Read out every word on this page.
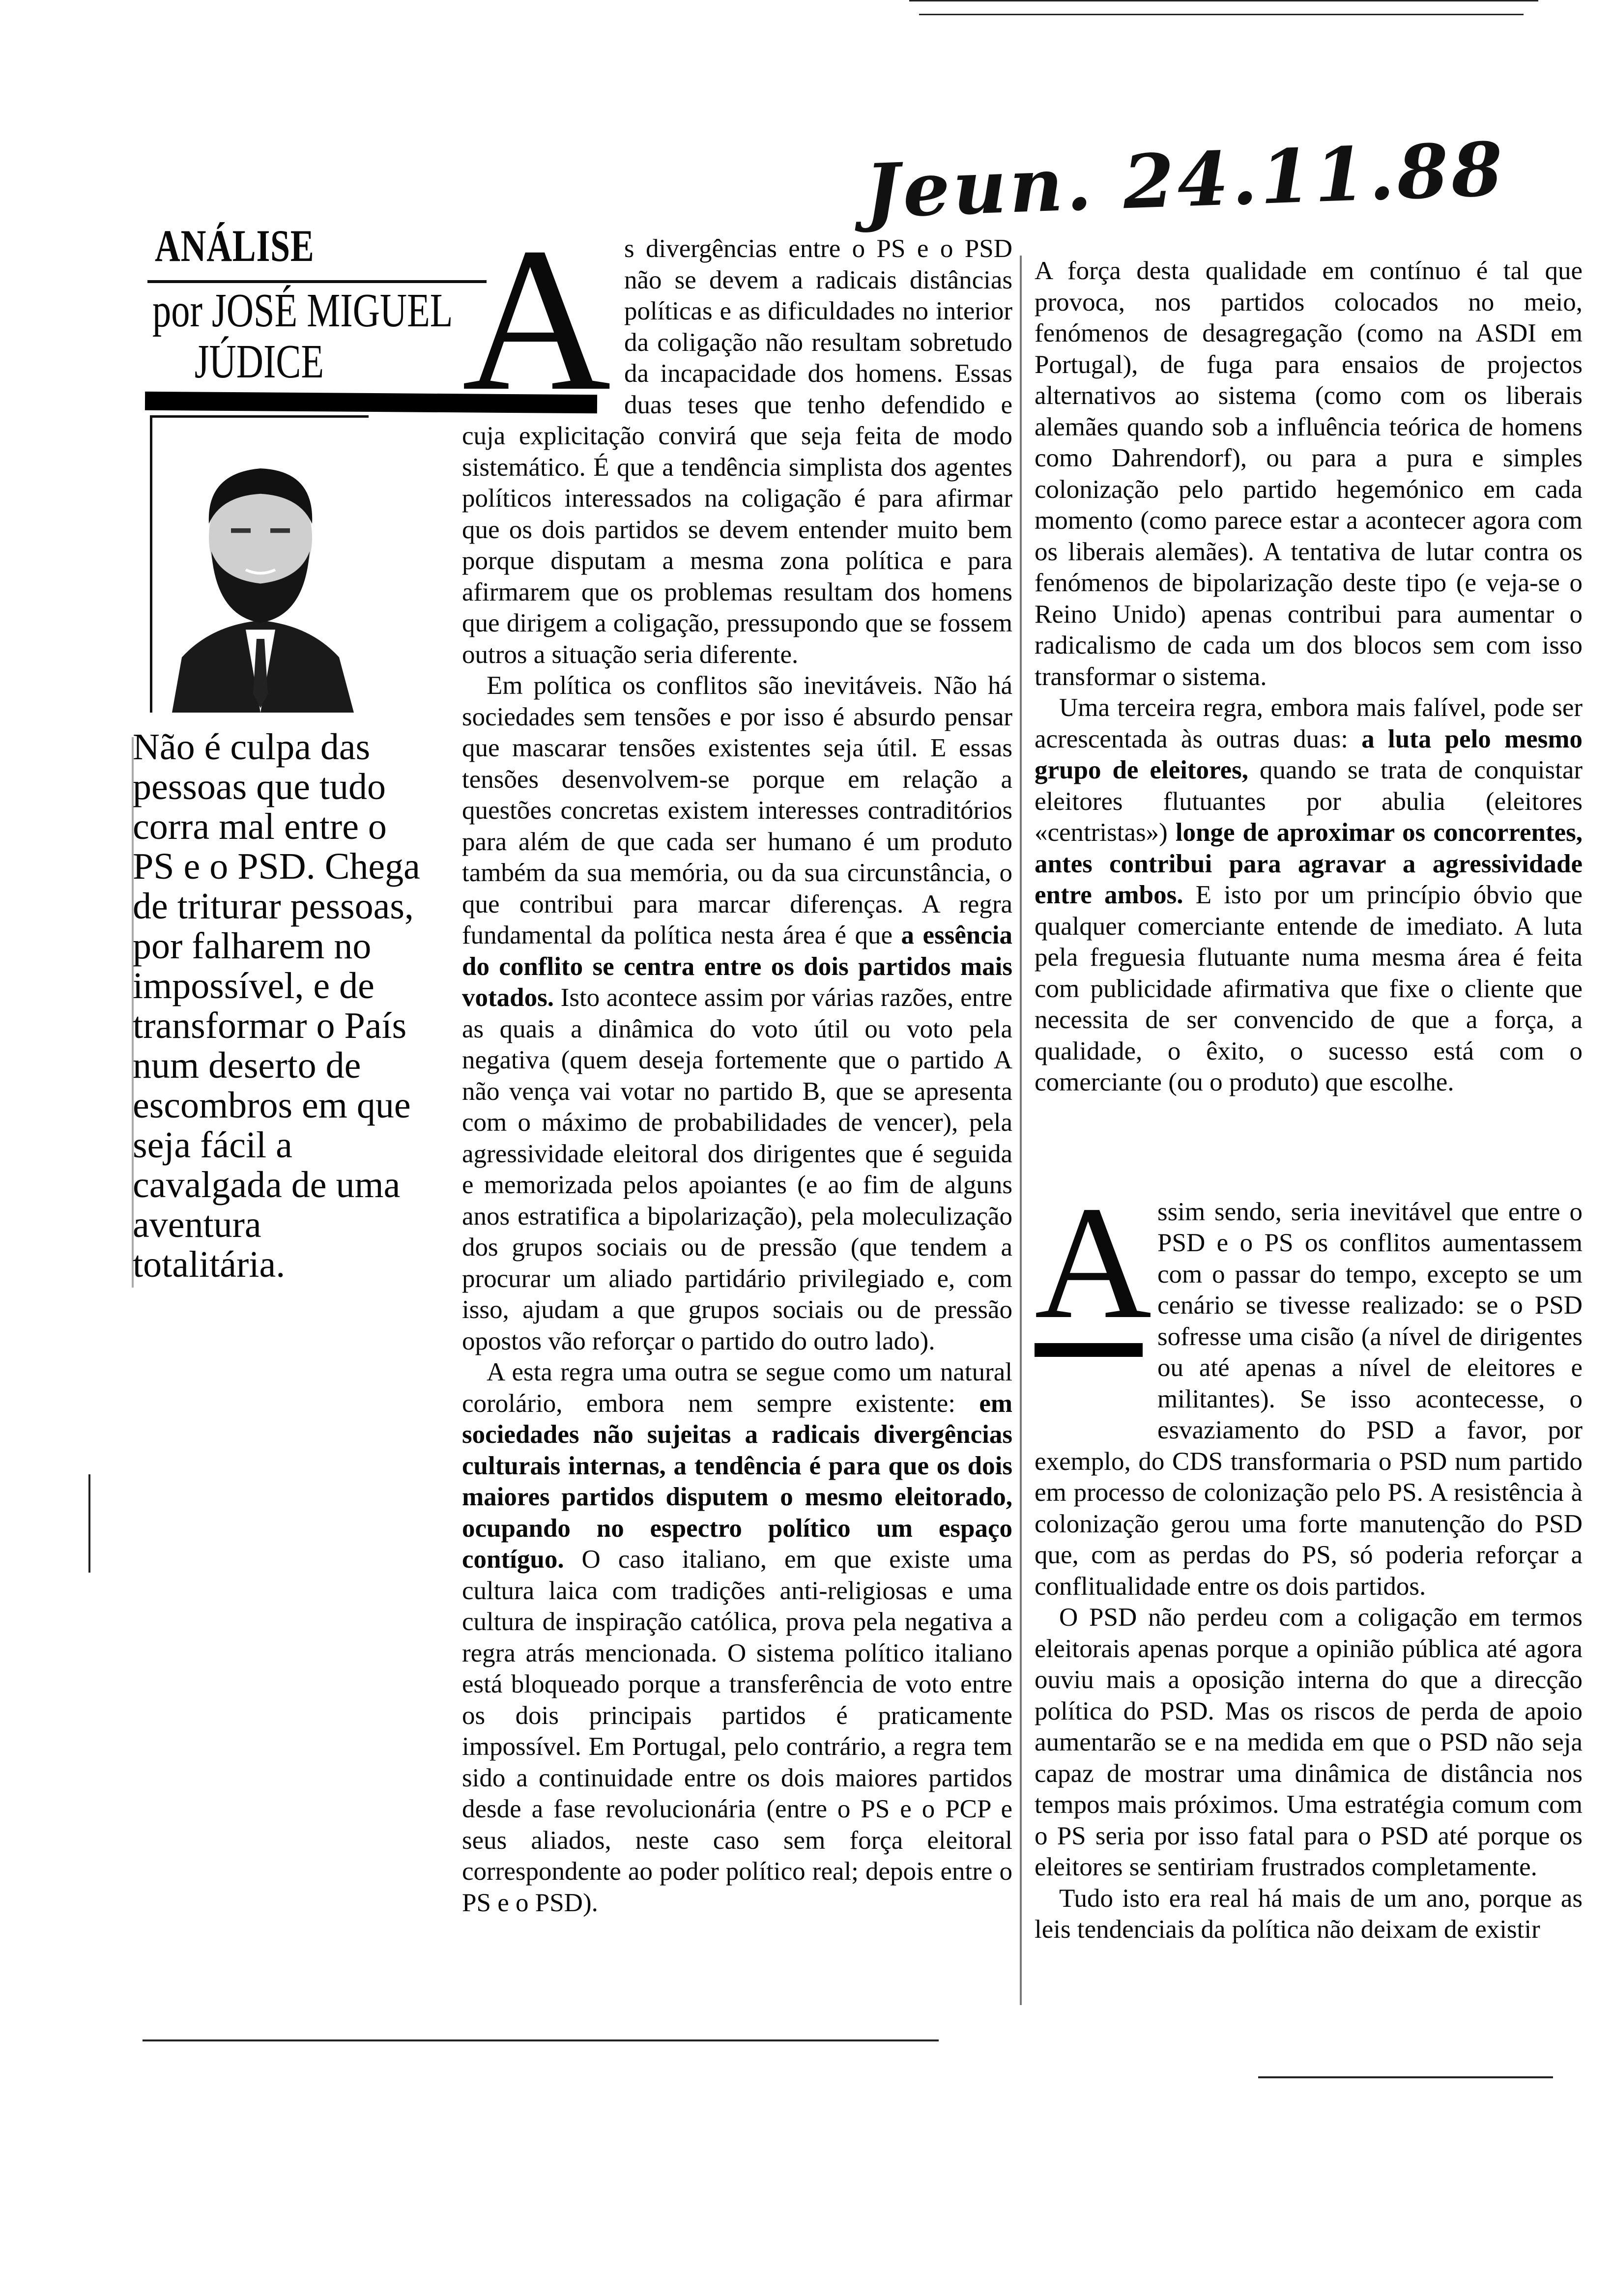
Jeun. 24.11.88
ANÁLISE
por JOSÉ MIGUEL
JÚDICE
Não é culpa das
pessoas que tudo
corra mal entre o
PS e o PSD. Chega
de triturar pessoas,
por falharem no
impossível, e de
transformar o País
num deserto de
escombros em que
seja fácil a
cavalgada de uma
aventura
totalitária.
A s divergências entre o PS e o PSD não se devem a radicais distâncias políticas e as dificuldades no interior da coligação não resultam sobretudo da incapacidade dos homens. Essas duas teses que tenho defendido e cuja explicitação convirá que seja feita de modo sistemático. É que a tendência simplista dos agentes políticos interessados na coligação é para afirmar que os dois partidos se devem entender muito bem porque disputam a mesma zona política e para afirmarem que os problemas resultam dos homens que dirigem a coligação, pressupondo que se fossem outros a situação seria diferente.

Em política os conflitos são inevitáveis. Não há sociedades sem tensões e por isso é absurdo pensar que mascarar tensões existentes seja útil. E essas tensões desenvolvem-se porque em relação a questões concretas existem interesses contraditórios para além de que cada ser humano é um produto também da sua memória, ou da sua circunstância, o que contribui para marcar diferenças. A regra fundamental da política nesta área é que a essência do conflito se centra entre os dois partidos mais votados. Isto acontece assim por várias razões, entre as quais a dinâmica do voto útil ou voto pela negativa (quem deseja fortemente que o partido A não vença vai votar no partido B, que se apresenta com o máximo de probabilidades de vencer), pela agressividade eleitoral dos dirigentes que é seguida e memorizada pelos apoiantes (e ao fim de alguns anos estratifica a bipolarização), pela moleculização dos grupos sociais ou de pressão (que tendem a procurar um aliado partidário privilegiado e, com isso, ajudam a que grupos sociais ou de pressão opostos vão reforçar o partido do outro lado).

A esta regra uma outra se segue como um natural corolário, embora nem sempre existente: em sociedades não sujeitas a radicais divergências culturais internas, a tendência é para que os dois maiores partidos disputem o mesmo eleitorado, ocupando no espectro político um espaço contíguo. O caso italiano, em que existe uma cultura laica com tradições anti-religiosas e uma cultura de inspiração católica, prova pela negativa a regra atrás mencionada. O sistema político italiano está bloqueado porque a transferência de voto entre os dois principais partidos é praticamente impossível. Em Portugal, pelo contrário, a regra tem sido a continuidade entre os dois maiores partidos desde a fase revolucionária (entre o PS e o PCP e seus aliados, neste caso sem força eleitoral correspondente ao poder político real; depois entre o PS e o PSD).

A força desta qualidade em contínuo é tal que provoca, nos partidos colocados no meio, fenómenos de desagregação (como na ASDI em Portugal), de fuga para ensaios de projectos alternativos ao sistema (como com os liberais alemães quando sob a influência teórica de homens como Dahrendorf), ou para a pura e simples colonização pelo partido hegemónico em cada momento (como parece estar a acontecer agora com os liberais alemães). A tentativa de lutar contra os fenómenos de bipolarização deste tipo (e veja-se o Reino Unido) apenas contribui para aumentar o radicalismo de cada um dos blocos sem com isso transformar o sistema.

Uma terceira regra, embora mais falível, pode ser acrescentada às outras duas: a luta pelo mesmo grupo de eleitores, quando se trata de conquistar eleitores flutuantes por abulia (eleitores «centristas») longe de aproximar os concorrentes, antes contribui para agravar a agressividade entre ambos. E isto por um princípio óbvio que qualquer comerciante entende de imediato. A luta pela freguesia flutuante numa mesma área é feita com publicidade afirmativa que fixe o cliente que necessita de ser convencido de que a força, a qualidade, o êxito, o sucesso está com o comerciante (ou o produto) que escolhe.

A ssim sendo, seria inevitável que entre o PSD e o PS os conflitos aumentassem com o passar do tempo, excepto se um cenário se tivesse realizado: se o PSD sofresse uma cisão (a nível de dirigentes ou até apenas a nível de eleitores e militantes). Se isso acontecesse, o esvaziamento do PSD a favor, por exemplo, do CDS transformaria o PSD num partido em processo de colonização pelo PS. A resistência à colonização gerou uma forte manutenção do PSD que, com as perdas do PS, só poderia reforçar a conflitualidade entre os dois partidos.

O PSD não perdeu com a coligação em termos eleitorais apenas porque a opinião pública até agora ouviu mais a oposição interna do que a direcção política do PSD. Mas os riscos de perda de apoio aumentarão se e na medida em que o PSD não seja capaz de mostrar uma dinâmica de distância nos tempos mais próximos. Uma estratégia comum com o PS seria por isso fatal para o PSD até porque os eleitores se sentiriam frustrados completamente.

Tudo isto era real há mais de um ano, porque as leis tendenciais da política não deixam de existir
